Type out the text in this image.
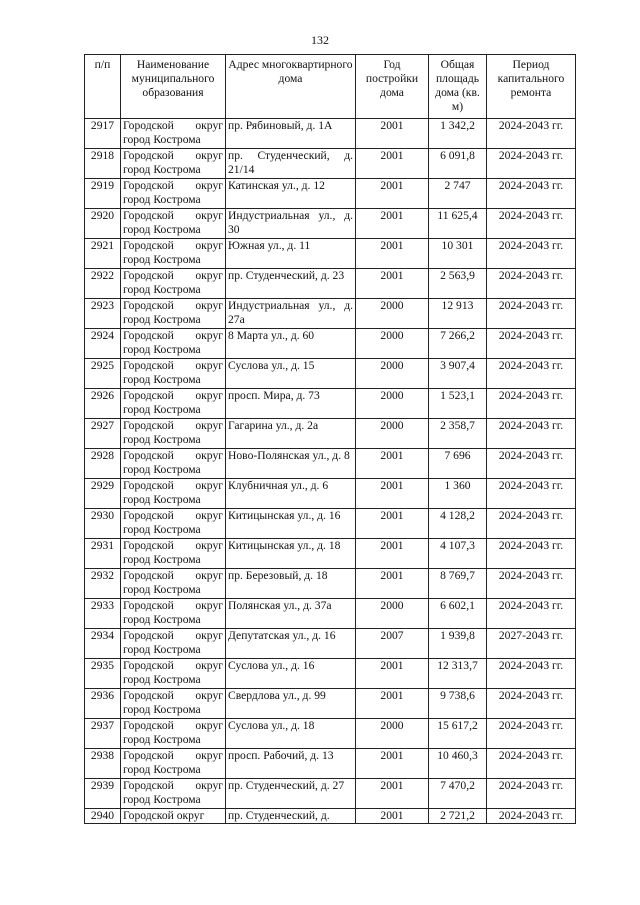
132
п/п	Наименование муниципального образования	Адрес многоквартирного дома	Год постройки дома	Общая площадь дома (кв. м)	Период капитального ремонта
2917	Городской округ город Кострома	пр. Рябиновый, д. 1А	2001	1 342,2	2024-2043 гг.
2918	Городской округ город Кострома	пр. Студенческий, д. 21/14	2001	6 091,8	2024-2043 гг.
2919	Городской округ город Кострома	Катинская ул., д. 12	2001	2 747	2024-2043 гг.
2920	Городской округ город Кострома	Индустриальная ул., д. 30	2001	11 625,4	2024-2043 гг.
2921	Городской округ город Кострома	Южная ул., д. 11	2001	10 301	2024-2043 гг.
2922	Городской округ город Кострома	пр. Студенческий, д. 23	2001	2 563,9	2024-2043 гг.
2923	Городской округ город Кострома	Индустриальная ул., д. 27а	2000	12 913	2024-2043 гг.
2924	Городской округ город Кострома	8 Марта ул., д. 60	2000	7 266,2	2024-2043 гг.
2925	Городской округ город Кострома	Суслова ул., д. 15	2000	3 907,4	2024-2043 гг.
2926	Городской округ город Кострома	просп. Мира, д. 73	2000	1 523,1	2024-2043 гг.
2927	Городской округ город Кострома	Гагарина ул., д. 2а	2000	2 358,7	2024-2043 гг.
2928	Городской округ город Кострома	Ново-Полянская ул., д. 8	2001	7 696	2024-2043 гг.
2929	Городской округ город Кострома	Клубничная ул., д. 6	2001	1 360	2024-2043 гг.
2930	Городской округ город Кострома	Китицынская ул., д. 16	2001	4 128,2	2024-2043 гг.
2931	Городской округ город Кострома	Китицынская ул., д. 18	2001	4 107,3	2024-2043 гг.
2932	Городской округ город Кострома	пр. Березовый, д. 18	2001	8 769,7	2024-2043 гг.
2933	Городской округ город Кострома	Полянская ул., д. 37а	2000	6 602,1	2024-2043 гг.
2934	Городской округ город Кострома	Депутатская ул., д. 16	2007	1 939,8	2027-2043 гг.
2935	Городской округ город Кострома	Суслова ул., д. 16	2001	12 313,7	2024-2043 гг.
2936	Городской округ город Кострома	Свердлова ул., д. 99	2001	9 738,6	2024-2043 гг.
2937	Городской округ город Кострома	Суслова ул., д. 18	2000	15 617,2	2024-2043 гг.
2938	Городской округ город Кострома	просп. Рабочий, д. 13	2001	10 460,3	2024-2043 гг.
2939	Городской округ город Кострома	пр. Студенческий, д. 27	2001	7 470,2	2024-2043 гг.
2940	Городской округ	пр. Студенческий, д.	2001	2 721,2	2024-2043 гг.
